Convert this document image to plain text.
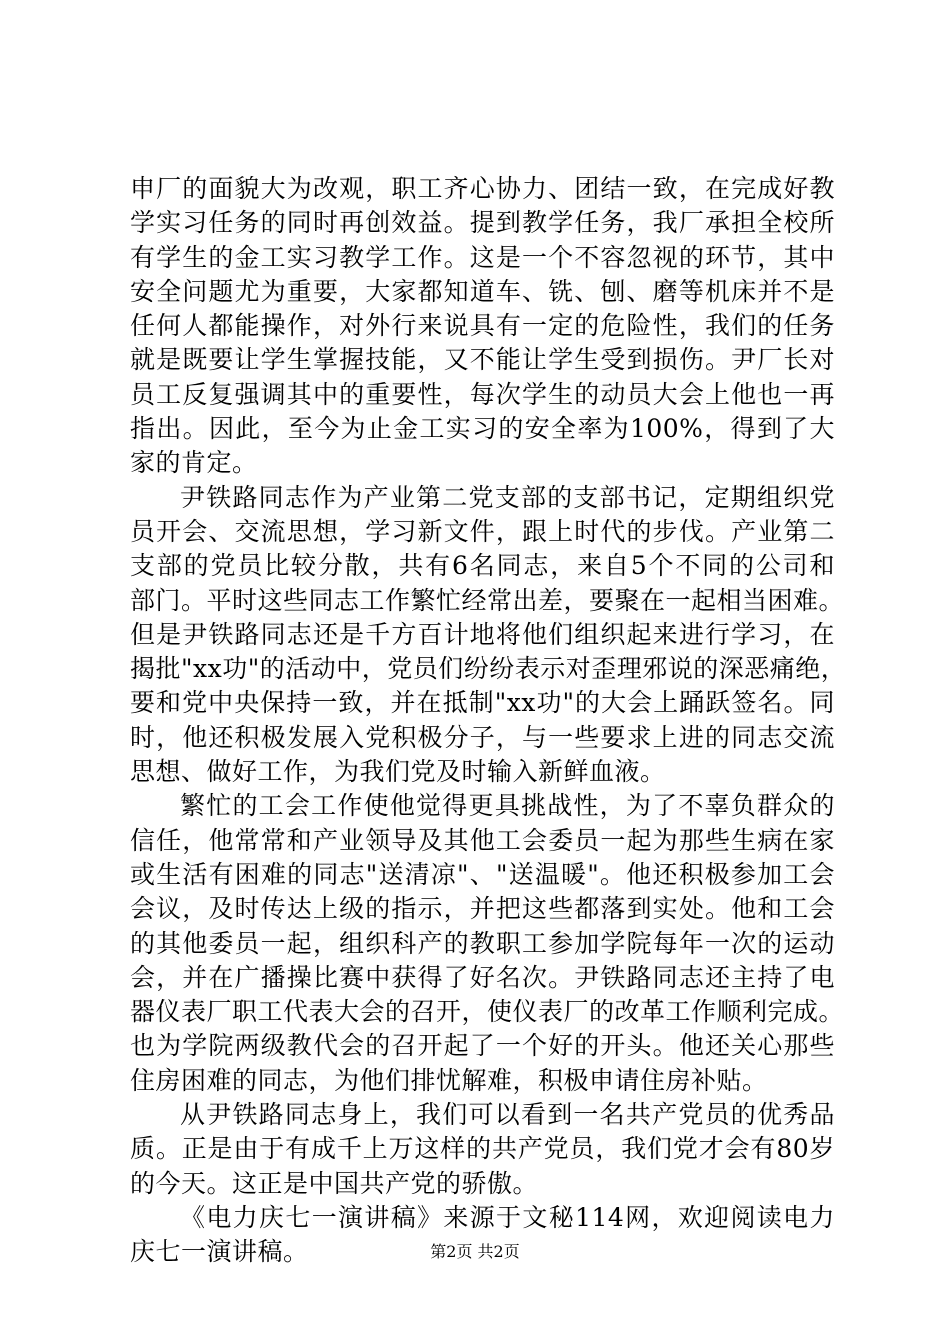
申厂的面貌大为改观，职工齐心协力、团结一致，在完成好教
学实习任务的同时再创效益。提到教学任务，我厂承担全校所
有学生的金工实习教学工作。这是一个不容忽视的环节，其中
安全问题尤为重要，大家都知道车、铣、刨、磨等机床并不是
任何人都能操作，对外行来说具有一定的危险性，我们的任务
就是既要让学生掌握技能，又不能让学生受到损伤。尹厂长对
员工反复强调其中的重要性，每次学生的动员大会上他也一再
指出。因此，至今为止金工实习的安全率为100%，得到了大
家的肯定。
尹铁路同志作为产业第二党支部的支部书记，定期组织党
员开会、交流思想，学习新文件，跟上时代的步伐。产业第二
支部的党员比较分散，共有6名同志，来自5个不同的公司和
部门。平时这些同志工作繁忙经常出差，要聚在一起相当困难。
但是尹铁路同志还是千方百计地将他们组织起来进行学习，在
揭批"xx功"的活动中，党员们纷纷表示对歪理邪说的深恶痛绝，
要和党中央保持一致，并在抵制"xx功"的大会上踊跃签名。同
时，他还积极发展入党积极分子，与一些要求上进的同志交流
思想、做好工作，为我们党及时输入新鲜血液。
繁忙的工会工作使他觉得更具挑战性，为了不辜负群众的
信任，他常常和产业领导及其他工会委员一起为那些生病在家
或生活有困难的同志"送清凉"、"送温暖"。他还积极参加工会
会议，及时传达上级的指示，并把这些都落到实处。他和工会
的其他委员一起，组织科产的教职工参加学院每年一次的运动
会，并在广播操比赛中获得了好名次。尹铁路同志还主持了电
器仪表厂职工代表大会的召开，使仪表厂的改革工作顺利完成。
也为学院两级教代会的召开起了一个好的开头。他还关心那些
住房困难的同志，为他们排忧解难，积极申请住房补贴。
从尹铁路同志身上，我们可以看到一名共产党员的优秀品
质。正是由于有成千上万这样的共产党员，我们党才会有80岁
的今天。这正是中国共产党的骄傲。
《电力庆七一演讲稿》来源于文秘114网，欢迎阅读电力
庆七一演讲稿。	第2页 共2页
